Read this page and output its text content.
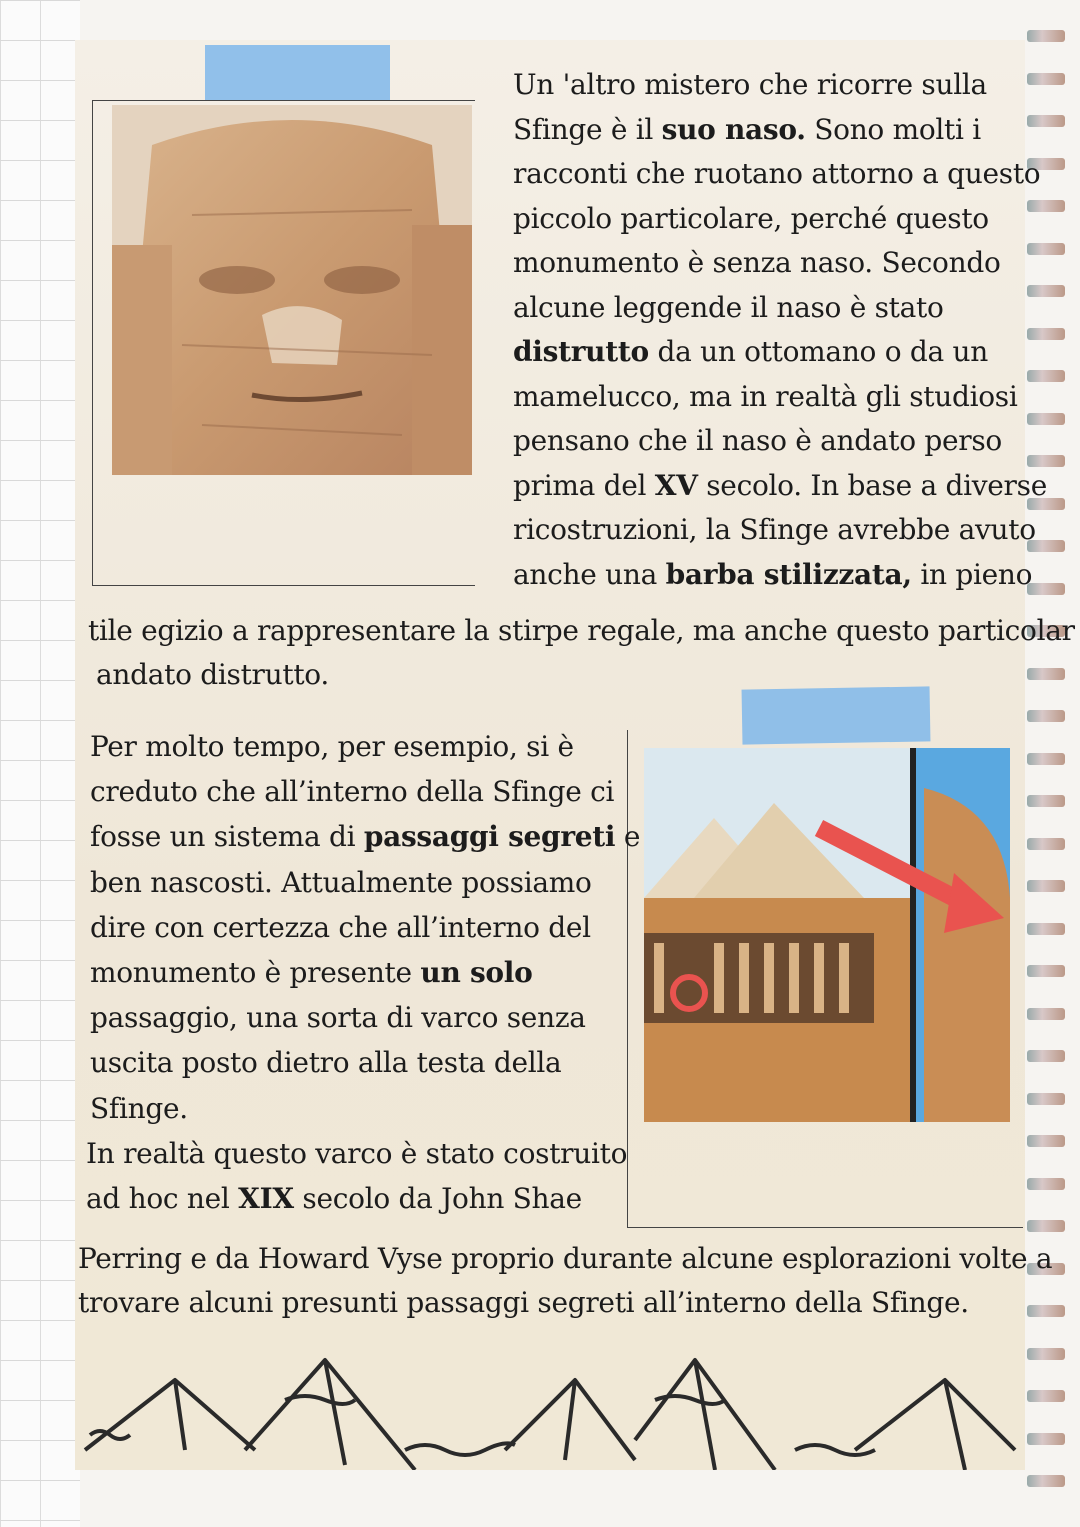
Un 'altro mistero che ricorre sulla
Sfinge è il suo naso. Sono molti i
racconti che ruotano attorno a questo
piccolo particolare, perché questo
monumento è senza naso. Secondo
alcune leggende il naso è stato
distrutto da un ottomano o da un
mamelucco, ma in realtà gli studiosi
pensano che il naso è andato perso
prima del XV secolo. In base a diverse
ricostruzioni, la Sfinge avrebbe avuto
anche una barba stilizzata, in pieno
tile egizio a rappresentare la stirpe regale, ma anche questo particolar
andato distrutto.
Per molto tempo, per esempio, si è
creduto che all’interno della Sfinge ci
fosse un sistema di passaggi segreti e
ben nascosti. Attualmente possiamo
dire con certezza che all’interno del
monumento è presente un solo
passaggio, una sorta di varco senza
uscita posto dietro alla testa della
Sfinge.
In realtà questo varco è stato costruito
ad hoc nel XIX secolo da John Shae
Perring e da Howard Vyse proprio durante alcune esplorazioni volte a
trovare alcuni presunti passaggi segreti all’interno della Sfinge.
